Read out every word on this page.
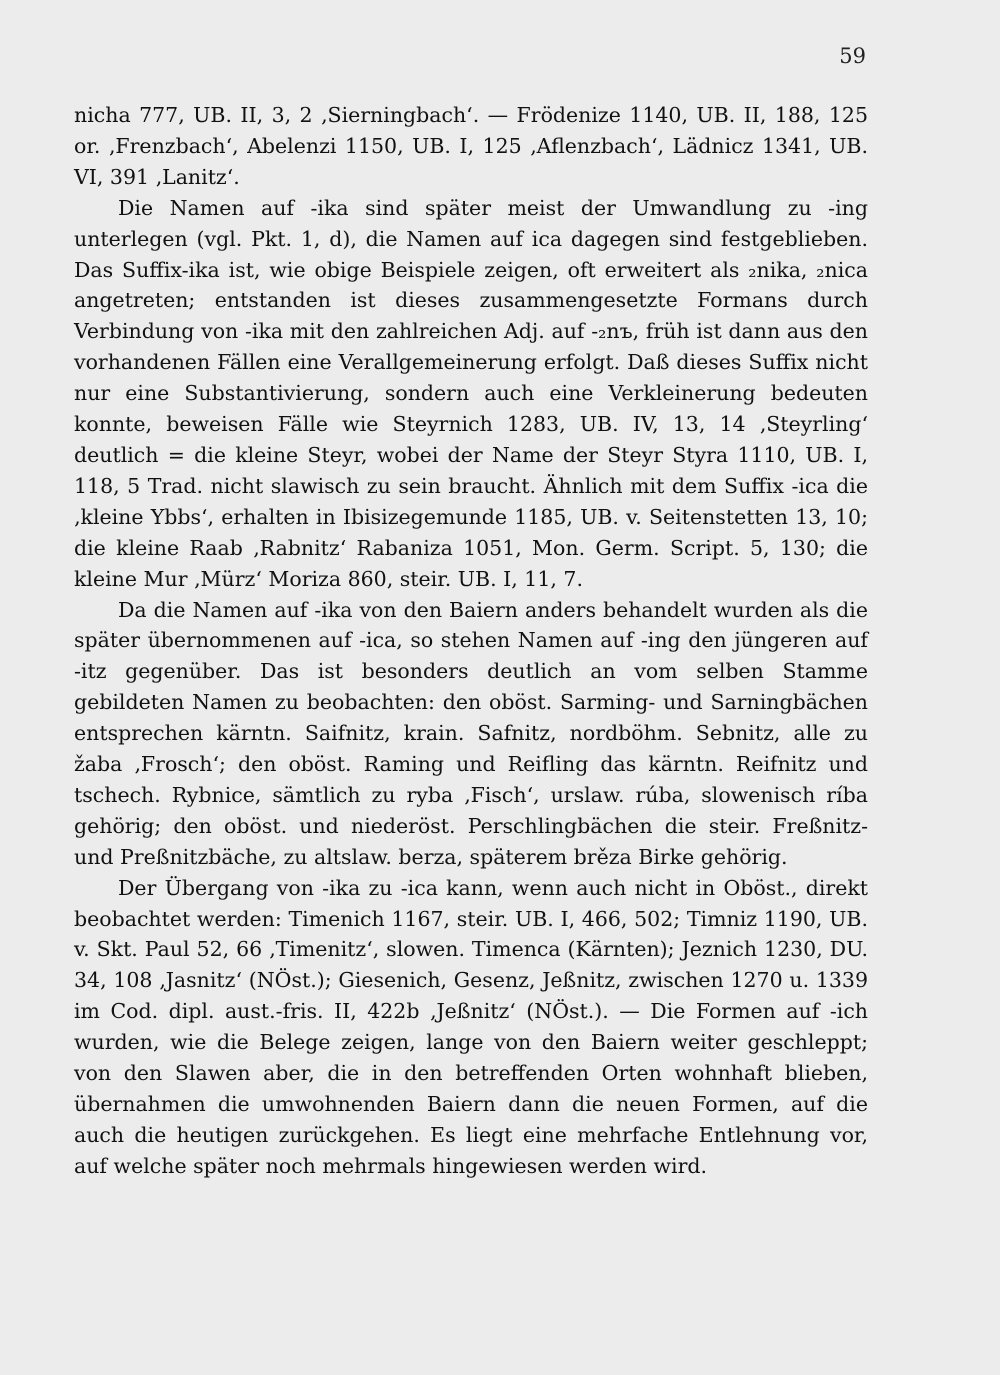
59

nicha 777, UB. II, 3, 2 ‚Sierningbach‘. — Frödenize 1140, UB. II, 188, 125 or. ‚Frenzbach‘, Abelenzi 1150, UB. I, 125 ‚Aflenzbach‘, Lädnicz 1341, UB. VI, 391 ‚Lanitz‘.

Die Namen auf -ika sind später meist der Umwandlung zu -ing unterlegen (vgl. Pkt. 1, d), die Namen auf ica dagegen sind festgeblieben. Das Suffix-ika ist, wie obige Beispiele zeigen, oft erweitert als ₂nika, ₂nica angetreten; entstanden ist dieses zusammengesetzte Formans durch Verbindung von -ika mit den zahlreichen Adj. auf -₂nъ, früh ist dann aus den vorhandenen Fällen eine Verallgemeinerung erfolgt. Daß dieses Suffix nicht nur eine Substantivierung, sondern auch eine Verkleinerung bedeuten konnte, beweisen Fälle wie Steyrnich 1283, UB. IV, 13, 14 ‚Steyrling‘ deutlich = die kleine Steyr, wobei der Name der Steyr Styra 1110, UB. I, 118, 5 Trad. nicht slawisch zu sein braucht. Ähnlich mit dem Suffix -ica die ‚kleine Ybbs‘, erhalten in Ibisizegemunde 1185, UB. v. Seitenstetten 13, 10; die kleine Raab ‚Rabnitz‘ Rabaniza 1051, Mon. Germ. Script. 5, 130; die kleine Mur ‚Mürz‘ Moriza 860, steir. UB. I, 11, 7.

Da die Namen auf -ika von den Baiern anders behandelt wurden als die später übernommenen auf -ica, so stehen Namen auf -ing den jüngeren auf -itz gegenüber. Das ist besonders deutlich an vom selben Stamme gebildeten Namen zu beobachten: den oböst. Sarming- und Sarningbächen entsprechen kärntn. Saifnitz, krain. Safnitz, nordböhm. Sebnitz, alle zu žaba ‚Frosch‘; den oböst. Raming und Reifling das kärntn. Reifnitz und tschech. Rybnice, sämtlich zu ryba ‚Fisch‘, urslaw. rúba, slowenisch ríba gehörig; den oböst. und niederöst. Perschlingbächen die steir. Freßnitz- und Preßnitzbäche, zu altslaw. berza, späterem brěza Birke gehörig.

Der Übergang von -ika zu -ica kann, wenn auch nicht in Oböst., direkt beobachtet werden: Timenich 1167, steir. UB. I, 466, 502; Timniz 1190, UB. v. Skt. Paul 52, 66 ‚Timenitz‘, slowen. Timenca (Kärnten); Jeznich 1230, DU. 34, 108 ‚Jasnitz‘ (NÖst.); Giesenich, Gesenz, Jeßnitz, zwischen 1270 u. 1339 im Cod. dipl. aust.-fris. II, 422b ‚Jeßnitz‘ (NÖst.). — Die Formen auf -ich wurden, wie die Belege zeigen, lange von den Baiern weiter geschleppt; von den Slawen aber, die in den betreffenden Orten wohnhaft blieben, übernahmen die umwohnenden Baiern dann die neuen Formen, auf die auch die heutigen zurückgehen. Es liegt eine mehrfache Entlehnung vor, auf welche später noch mehrmals hingewiesen werden wird.
